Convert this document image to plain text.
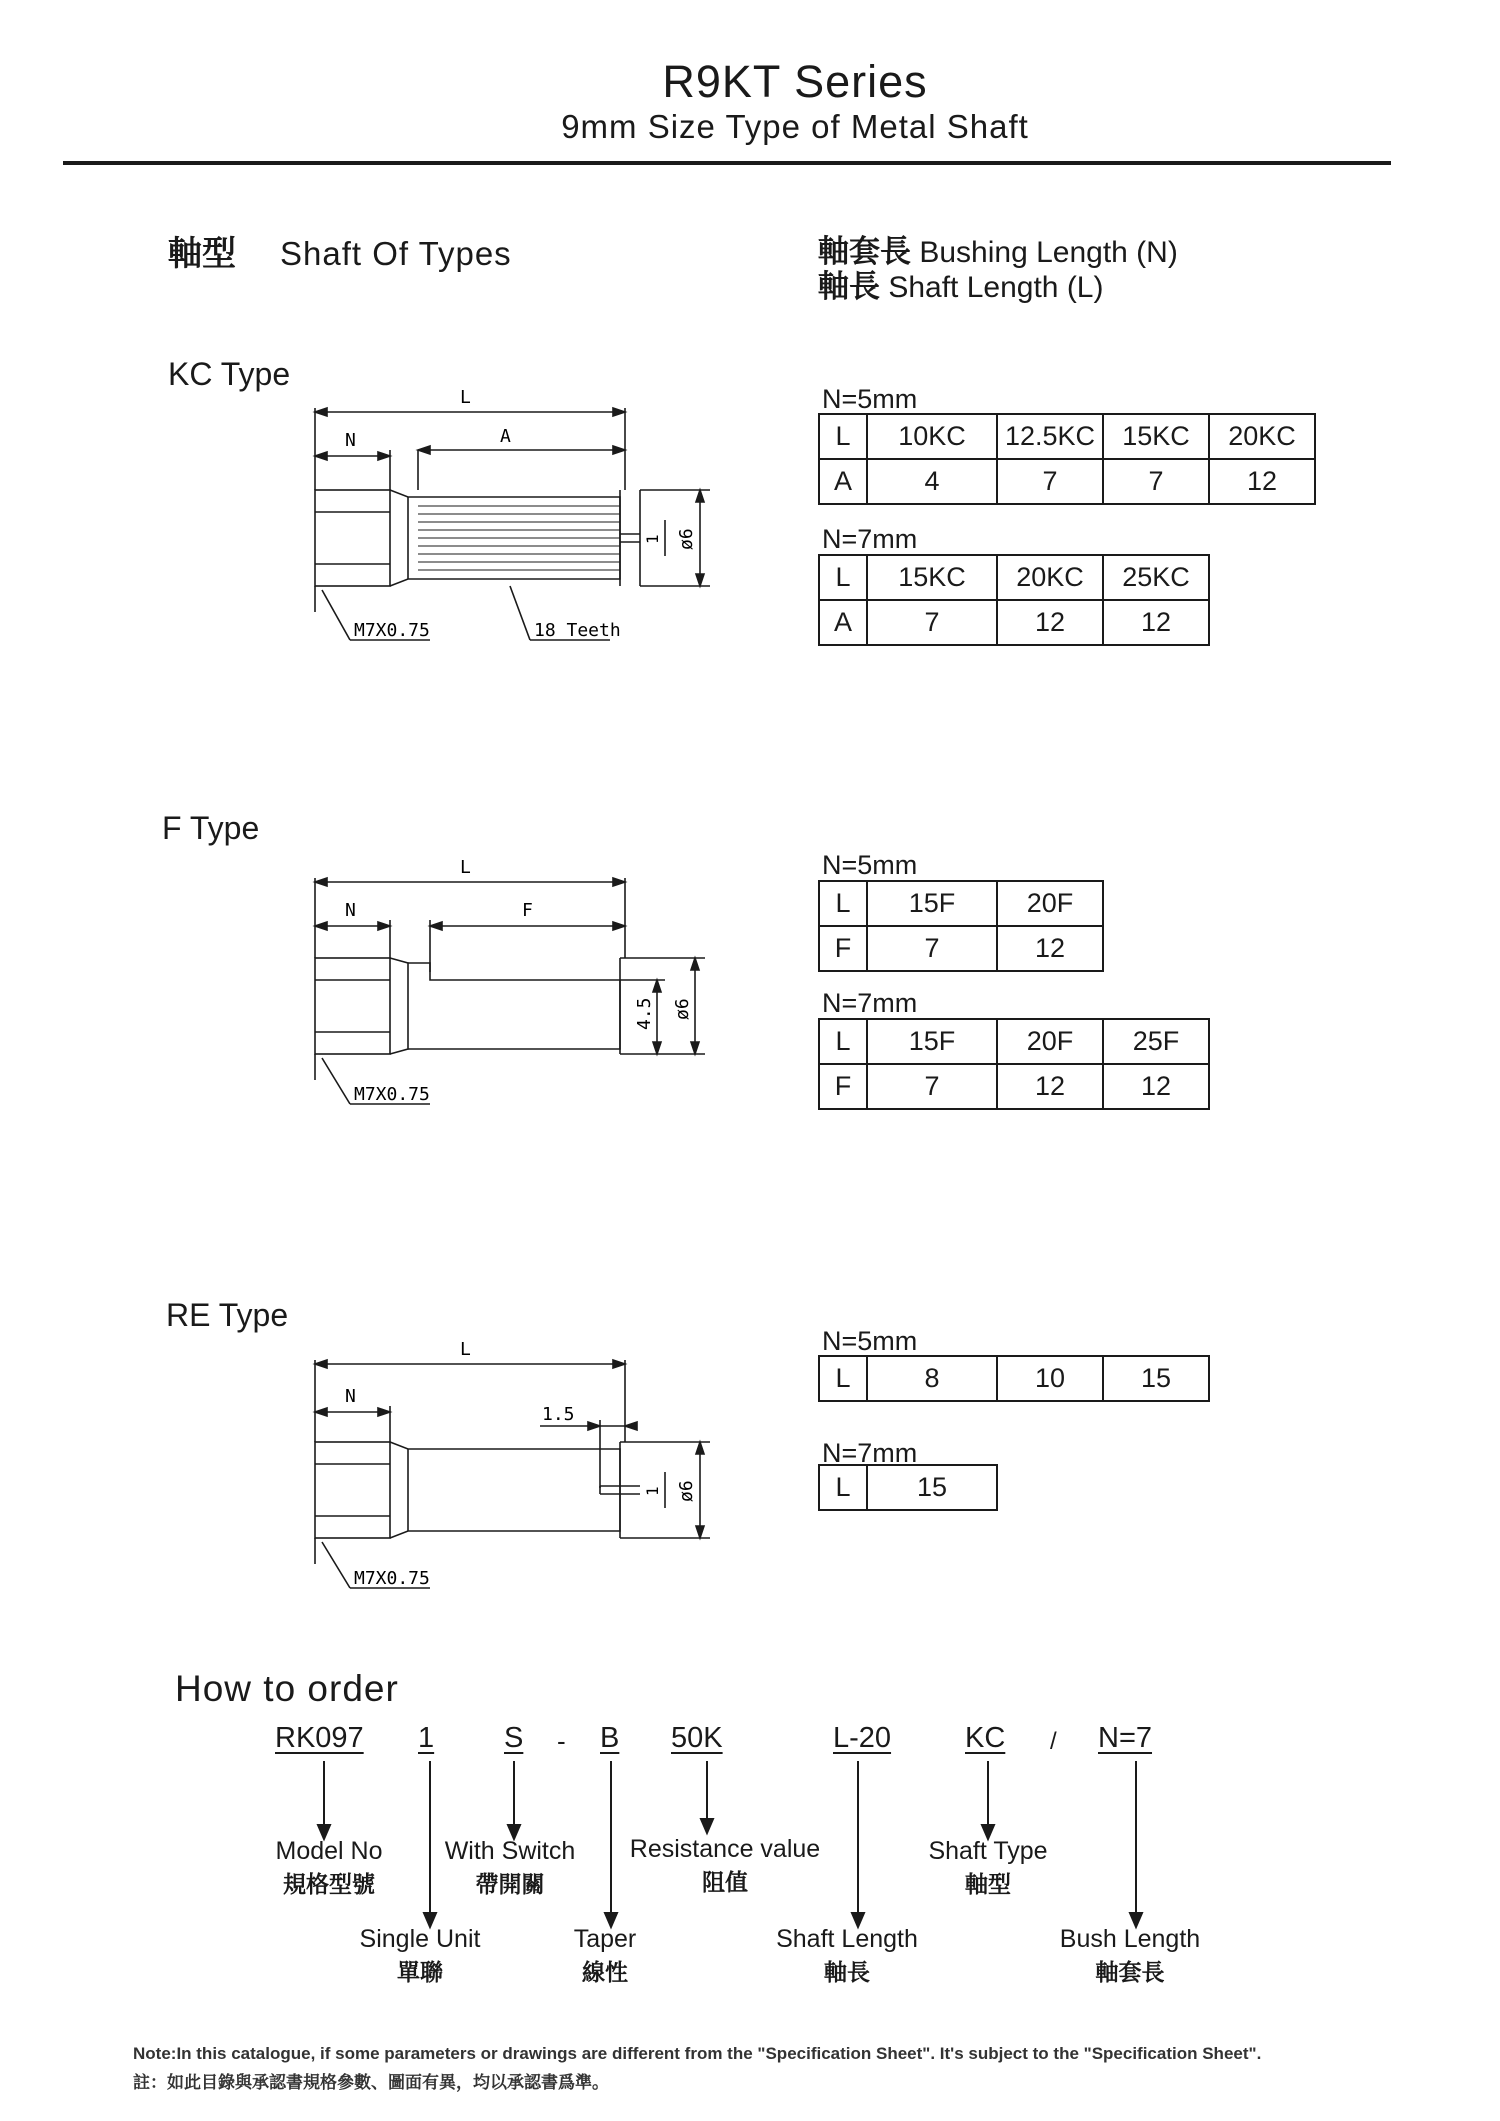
R9KT Series
9mm Size Type of Metal Shaft
軸型 Shaft Of Types	軸套長 Bushing Length (N)
軸長 Shaft Length (L)
KC Type
L
N	A
M7X0.75	18 Teeth
ø6
1
N=5mm
L	10KC	12.5KC	15KC	20KC
A	4	7	7	12
N=7mm
L	15KC	20KC	25KC
A	7	12	12
F Type
L
N	F
M7X0.75
4.5 ø6
N=5mm
L	15F	20F
F	7	12
N=7mm
L	15F	20F	25F
F	7	12	12
RE Type
L
N
1.5
M7X0.75
ø6
1
N=5mm
L	8	10	15
N=7mm
L	15
How to order
RK097 1 S - B 50K	L-20	KC / N=7
Model No
規格型號
With Switch
帶開關
Resistance value
阻值
Shaft Type
軸型
Single Unit
單聯
Taper
線性
Shaft Length
軸長
Bush Length
軸套長
Note:In this catalogue, if some parameters or drawings are different from the "Specification Sheet". It's subject to the "Specification Sheet".
註：如此目錄與承認書規格參數、圖面有異，均以承認書爲準。
